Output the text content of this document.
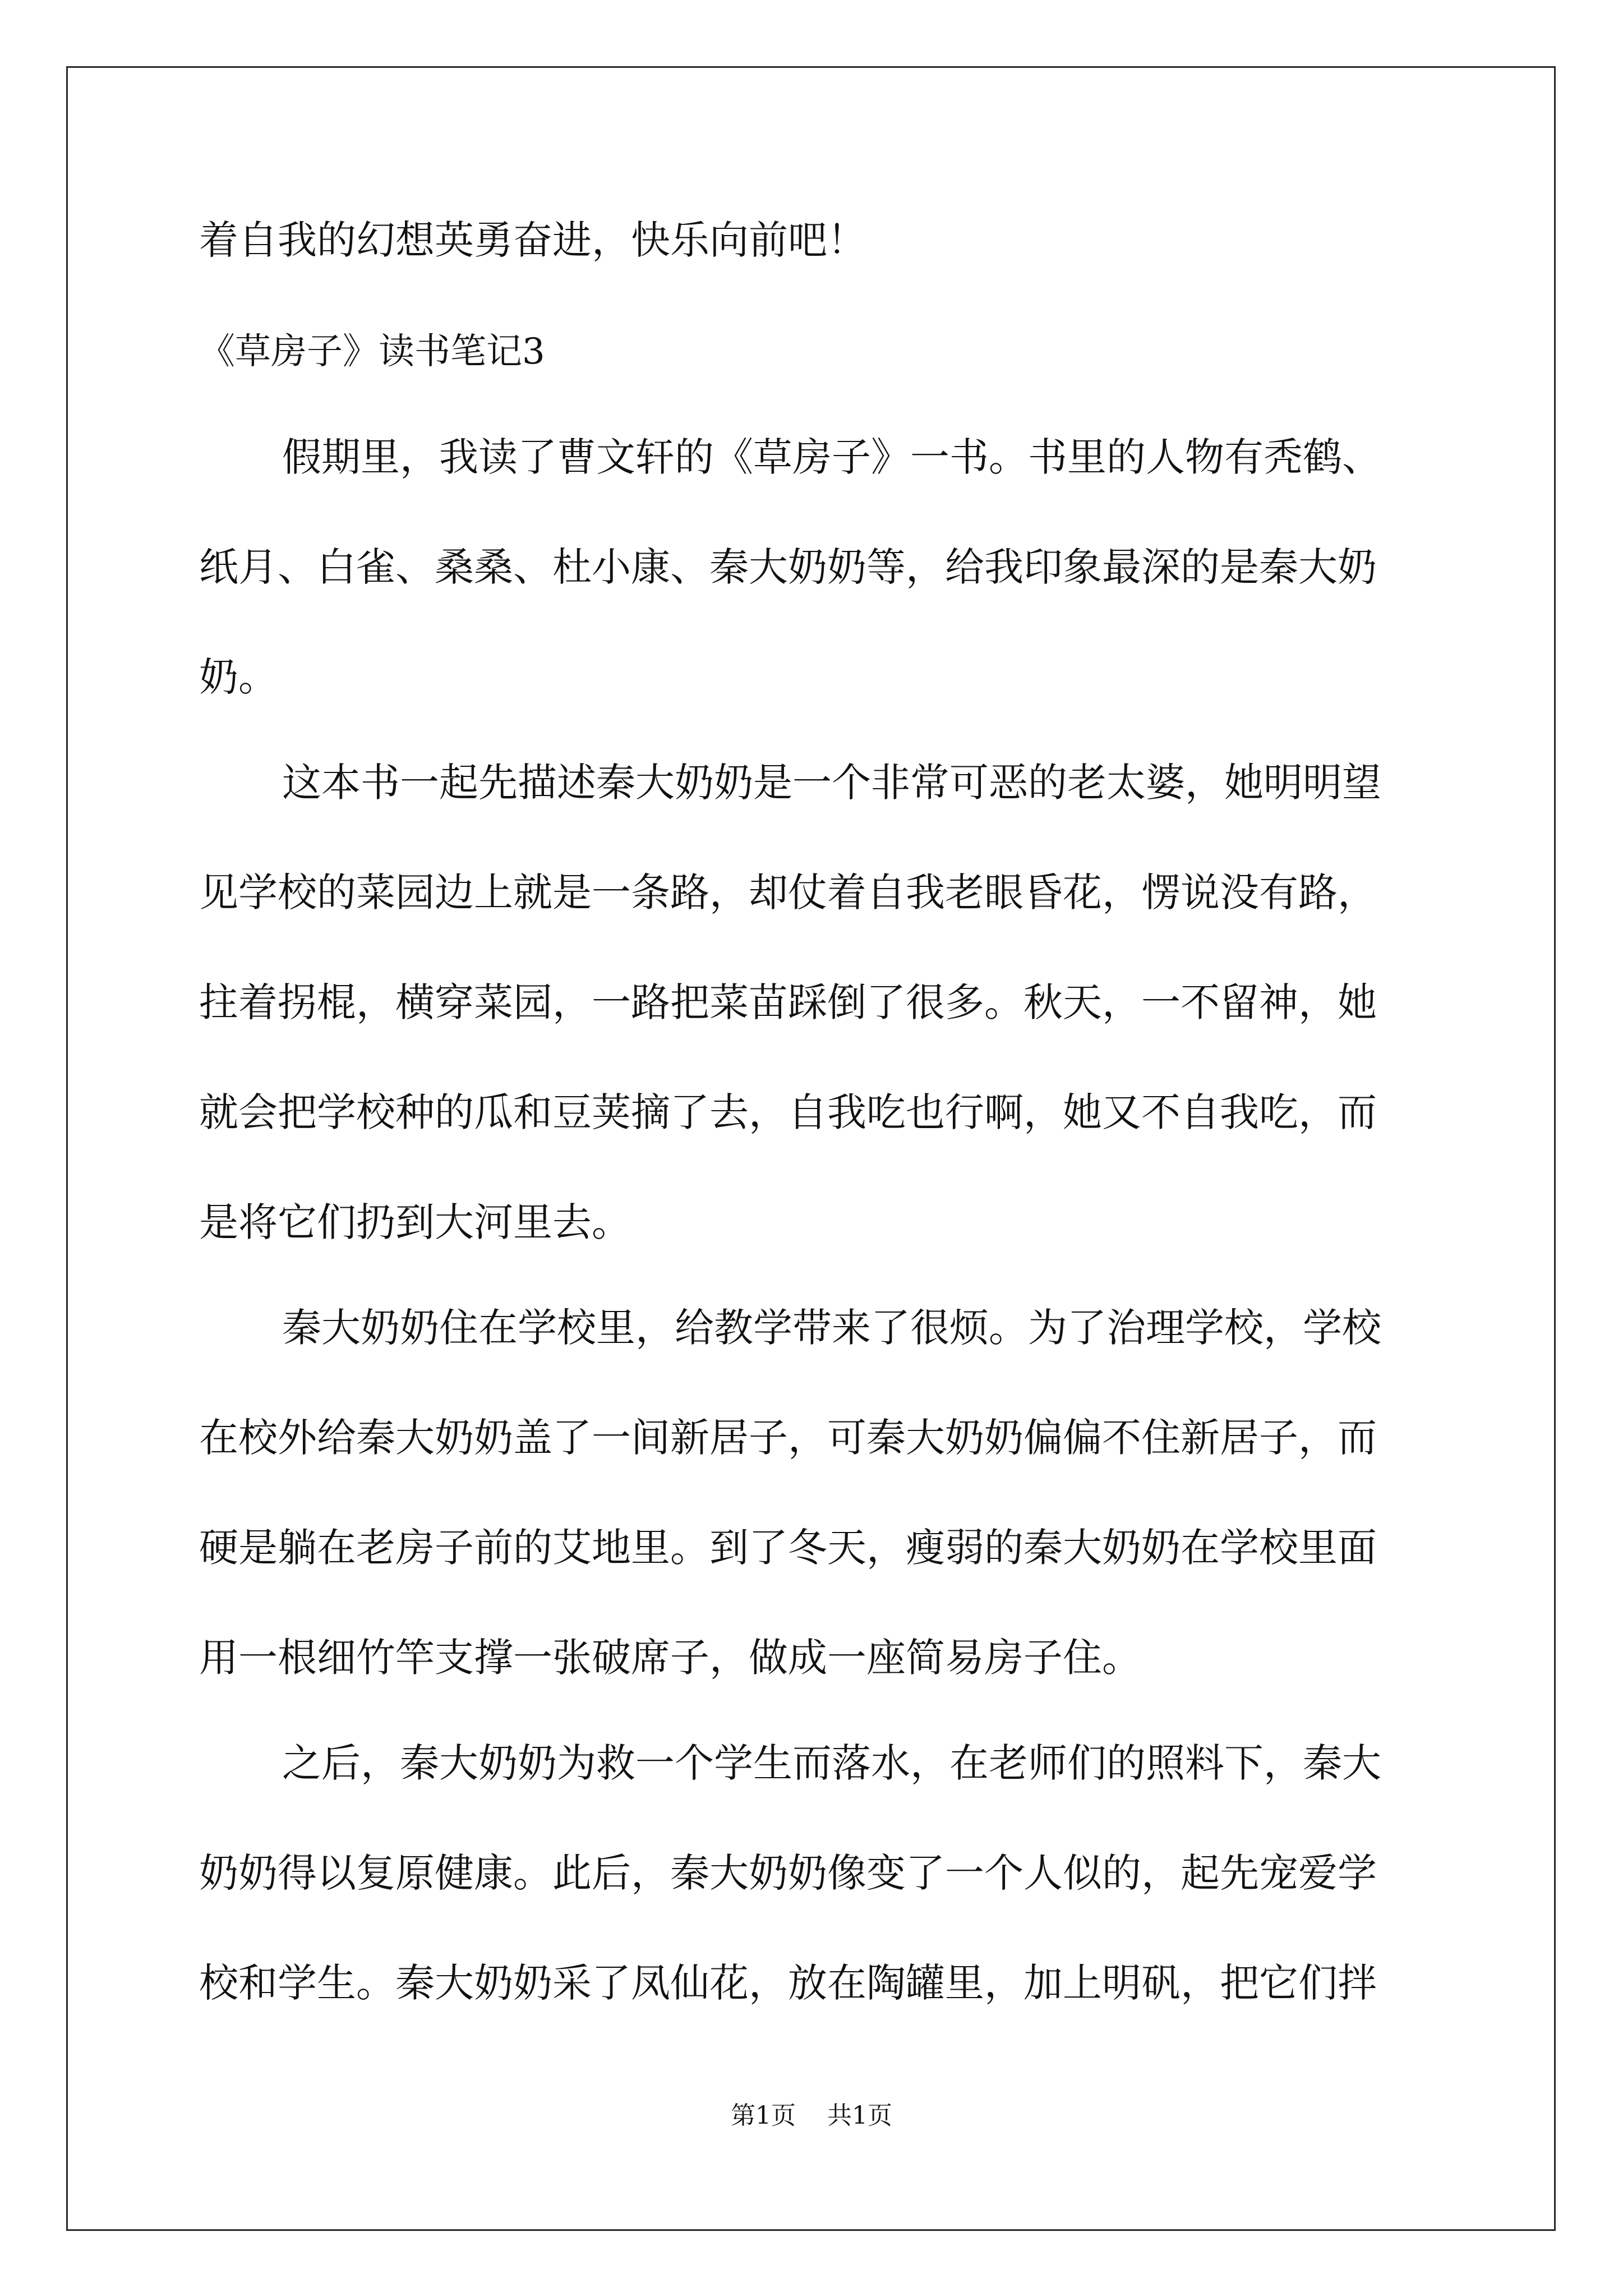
着自我的幻想英勇奋进，快乐向前吧！

《草房子》读书笔记3

假期里，我读了曹文轩的《草房子》一书。书里的人物有秃鹤、

纸月、白雀、桑桑、杜小康、秦大奶奶等，给我印象最深的是秦大奶

奶。

这本书一起先描述秦大奶奶是一个非常可恶的老太婆，她明明望

见学校的菜园边上就是一条路，却仗着自我老眼昏花，愣说没有路，

拄着拐棍，横穿菜园，一路把菜苗踩倒了很多。秋天，一不留神，她

就会把学校种的瓜和豆荚摘了去，自我吃也行啊，她又不自我吃，而

是将它们扔到大河里去。

秦大奶奶住在学校里，给教学带来了很烦。为了治理学校，学校

在校外给秦大奶奶盖了一间新居子，可秦大奶奶偏偏不住新居子，而

硬是躺在老房子前的艾地里。到了冬天，瘦弱的秦大奶奶在学校里面

用一根细竹竿支撑一张破席子，做成一座简易房子住。

之后，秦大奶奶为救一个学生而落水，在老师们的照料下，秦大

奶奶得以复原健康。此后，秦大奶奶像变了一个人似的，起先宠爱学

校和学生。秦大奶奶采了凤仙花，放在陶罐里，加上明矾，把它们拌

第1页    共1页
